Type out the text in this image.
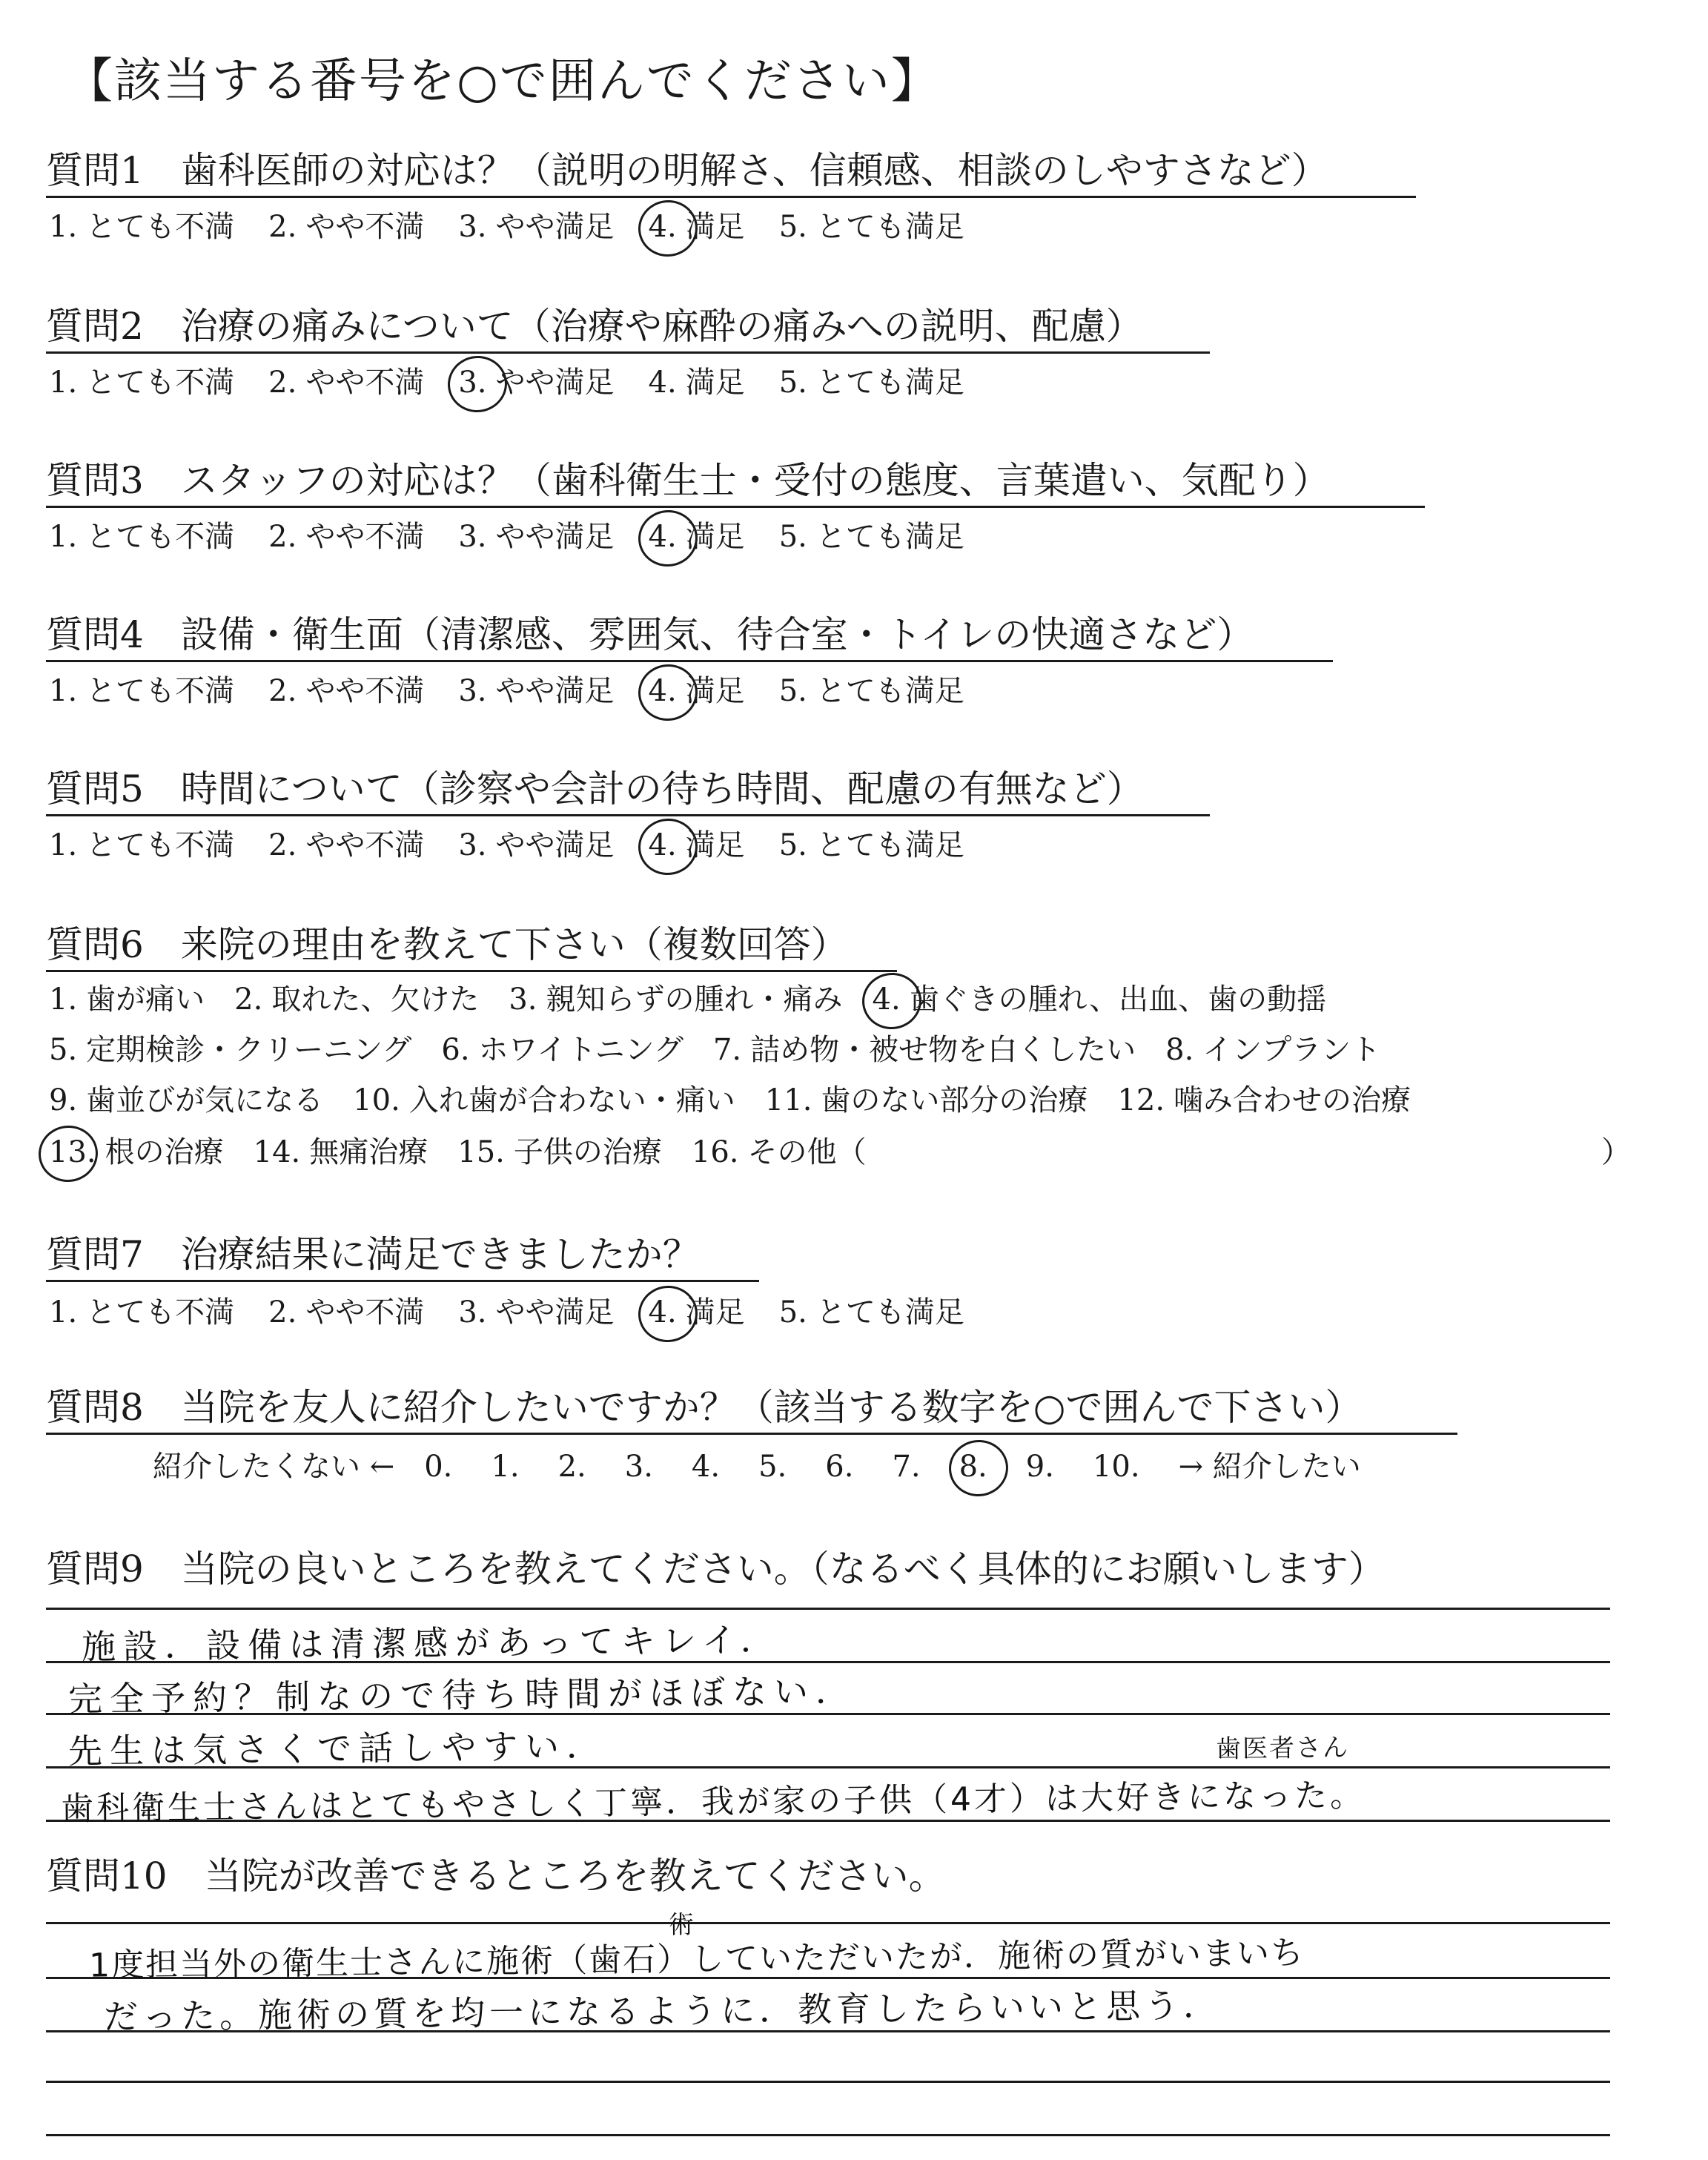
【該当する番号を○で囲んでください】
質問1　歯科医師の対応は？（説明の明解さ、信頼感、相談のしやすさなど）
1. とても不満 2. やや不満 3. やや満足 4. 満足 5. とても満足
質問2　治療の痛みについて（治療や麻酔の痛みへの説明、配慮）
1. とても不満 2. やや不満 3. やや満足 4. 満足 5. とても満足
質問3　スタッフの対応は？（歯科衛生士・受付の態度、言葉遣い、気配り）
1. とても不満 2. やや不満 3. やや満足 4. 満足 5. とても満足
質問4　設備・衛生面（清潔感、雰囲気、待合室・トイレの快適さなど）
1. とても不満 2. やや不満 3. やや満足 4. 満足 5. とても満足
質問5　時間について（診察や会計の待ち時間、配慮の有無など）
1. とても不満 2. やや不満 3. やや満足 4. 満足 5. とても満足
質問6　来院の理由を教えて下さい（複数回答）
1. 歯が痛い 2. 取れた、欠けた 3. 親知らずの腫れ・痛み 4. 歯ぐきの腫れ、出血、歯の動揺
5. 定期検診・クリーニング 6. ホワイトニング 7. 詰め物・被せ物を白くしたい 8. インプラント
9. 歯並びが気になる 10. 入れ歯が合わない・痛い 11. 歯のない部分の治療 12. 噛み合わせの治療
13. 根の治療 14. 無痛治療 15. 子供の治療 16. その他（	）
質問7　治療結果に満足できましたか？
1. とても不満 2. やや不満 3. やや満足 4. 満足 5. とても満足
質問8　当院を友人に紹介したいですか？（該当する数字を○で囲んで下さい）
紹介したくない ← 0. 1. 2. 3. 4. 5. 6. 7. 8. 9. 10. → 紹介したい
質問9　当院の良いところを教えてください。（なるべく具体的にお願いします）
施設．設備は清潔感があってキレイ．
完全予約？制なので待ち時間がほぼない．
先生は気さくで話しやすい．
歯科衛生士さんはとてもやさしく丁寧．我が家の子供（4才）は大好きになった。
歯医者さん
質問10　当院が改善できるところを教えてください。
1度担当外の衛生士さんに施術（歯石）していただいたが．施術の質がいまいち
だった。施術の質を均一になるように．教育したらいいと思う．
術
